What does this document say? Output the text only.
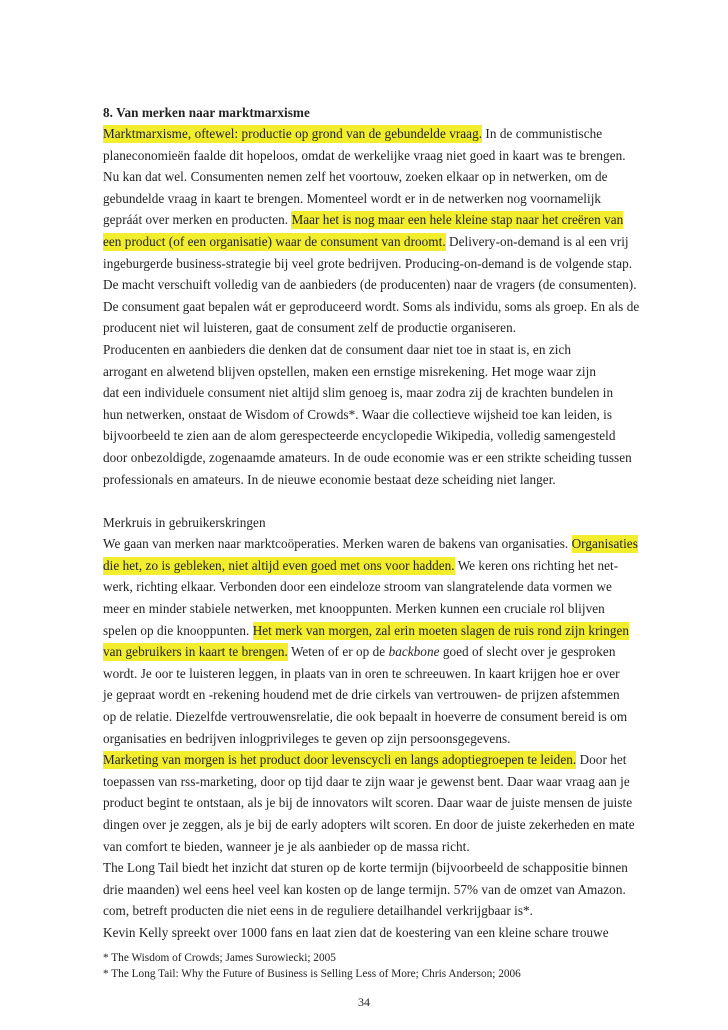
8. Van merken naar marktmarxisme
Marktmarxisme, oftewel: productie op grond van de gebundelde vraag. In de communistische
planeconomieën faalde dit hopeloos, omdat de werkelijke vraag niet goed in kaart was te brengen.
Nu kan dat wel. Consumenten nemen zelf het voortouw, zoeken elkaar op in netwerken, om de
gebundelde vraag in kaart te brengen. Momenteel wordt er in de netwerken nog voornamelijk
gepráát over merken en producten. Maar het is nog maar een hele kleine stap naar het creëren van
een product (of een organisatie) waar de consument van droomt. Delivery-on-demand is al een vrij
ingeburgerde business-strategie bij veel grote bedrijven. Producing-on-demand is de volgende stap.
De macht verschuift volledig van de aanbieders (de producenten) naar de vragers (de consumenten).
De consument gaat bepalen wát er geproduceerd wordt. Soms als individu, soms als groep. En als de
producent niet wil luisteren, gaat de consument zelf de productie organiseren.
Producenten en aanbieders die denken dat de consument daar niet toe in staat is, en zich
arrogant en alwetend blijven opstellen, maken een ernstige misrekening. Het moge waar zijn
dat een individuele consument niet altijd slim genoeg is, maar zodra zij de krachten bundelen in
hun netwerken, onstaat de Wisdom of Crowds*. Waar die collectieve wijsheid toe kan leiden, is
bijvoorbeeld te zien aan de alom gerespecteerde encyclopedie Wikipedia, volledig samengesteld
door onbezoldigde, zogenaamde amateurs. In de oude economie was er een strikte scheiding tussen
professionals en amateurs. In de nieuwe economie bestaat deze scheiding niet langer.
Merkruis in gebruikerskringen
We gaan van merken naar marktcoöperaties. Merken waren de bakens van organisaties. Organisaties
die het, zo is gebleken, niet altijd even goed met ons voor hadden. We keren ons richting het net-
werk, richting elkaar. Verbonden door een eindeloze stroom van slangratelende data vormen we
meer en minder stabiele netwerken, met knooppunten. Merken kunnen een cruciale rol blijven
spelen op die knooppunten. Het merk van morgen, zal erin moeten slagen de ruis rond zijn kringen
van gebruikers in kaart te brengen. Weten of er op de backbone goed of slecht over je gesproken
wordt. Je oor te luisteren leggen, in plaats van in oren te schreeuwen. In kaart krijgen hoe er over
je gepraat wordt en -rekening houdend met de drie cirkels van vertrouwen- de prijzen afstemmen
op de relatie. Diezelfde vertrouwensrelatie, die ook bepaalt in hoeverre de consument bereid is om
organisaties en bedrijven inlogprivileges te geven op zijn persoonsgegevens.
Marketing van morgen is het product door levenscycli en langs adoptiegroepen te leiden. Door het
toepassen van rss-marketing, door op tijd daar te zijn waar je gewenst bent. Daar waar vraag aan je
product begint te ontstaan, als je bij de innovators wilt scoren. Daar waar de juiste mensen de juiste
dingen over je zeggen, als je bij de early adopters wilt scoren. En door de juiste zekerheden en mate
van comfort te bieden, wanneer je je als aanbieder op de massa richt.
The Long Tail biedt het inzicht dat sturen op de korte termijn (bijvoorbeeld de schappositie binnen
drie maanden) wel eens heel veel kan kosten op de lange termijn. 57% van de omzet van Amazon.
com, betreft producten die niet eens in de reguliere detailhandel verkrijgbaar is*.
Kevin Kelly spreekt over 1000 fans en laat zien dat de koestering van een kleine schare trouwe
* The Wisdom of Crowds; James Surowiecki; 2005
* The Long Tail: Why the Future of Business is Selling Less of More; Chris Anderson; 2006
34
